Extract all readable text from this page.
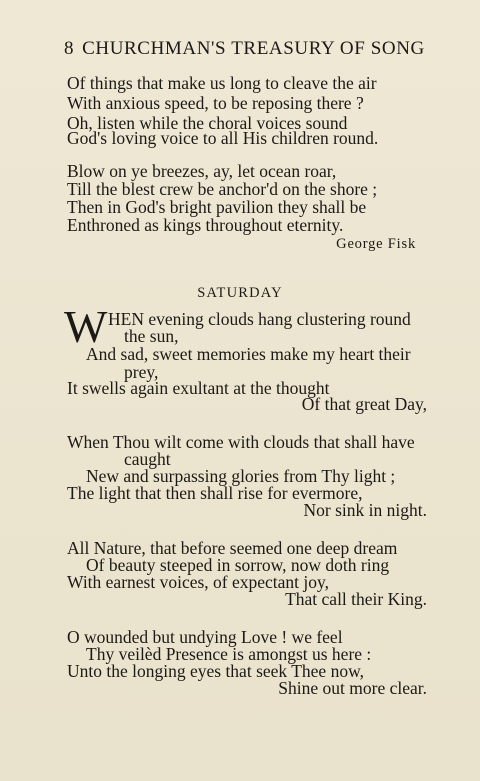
8 CHURCHMAN'S TREASURY OF SONG
Of things that make us long to cleave the air
With anxious speed, to be reposing there ?
Oh, listen while the choral voices sound
God's loving voice to all His children round.
Blow on ye breezes, ay, let ocean roar,
Till the blest crew be anchor'd on the shore ;
Then in God's bright pavilion they shall be
Enthroned as kings throughout eternity.
George Fisk
SATURDAY
W HEN evening clouds hang clustering round
the sun,
And sad, sweet memories make my heart their
prey,
It swells again exultant at the thought
Of that great Day,
When Thou wilt come with clouds that shall have
caught
New and surpassing glories from Thy light ;
The light that then shall rise for evermore,
Nor sink in night.
All Nature, that before seemed one deep dream
Of beauty steeped in sorrow, now doth ring
With earnest voices, of expectant joy,
That call their King.
O wounded but undying Love ! we feel
Thy veilèd Presence is amongst us here :
Unto the longing eyes that seek Thee now,
Shine out more clear.
